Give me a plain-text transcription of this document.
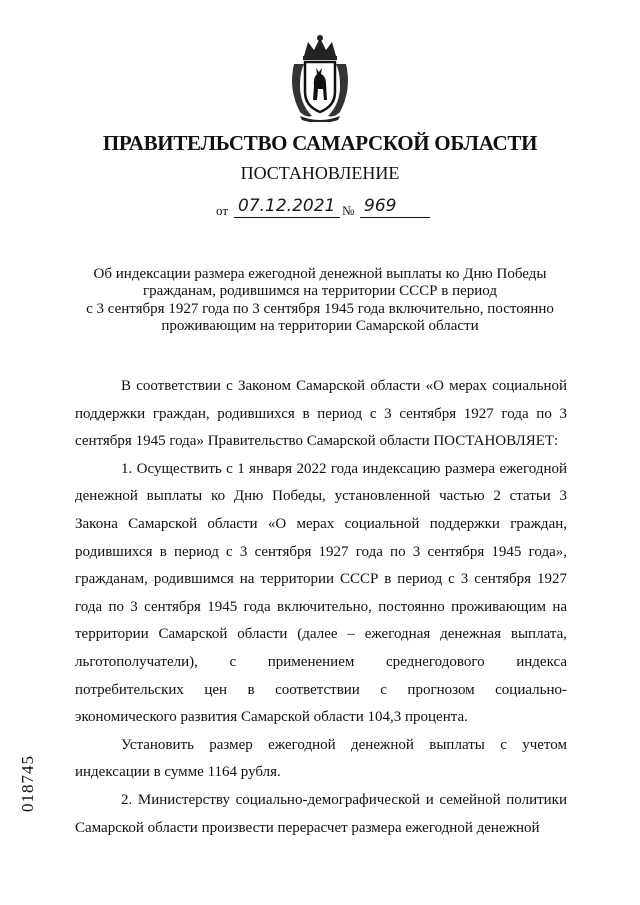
ПРАВИТЕЛЬСТВО САМАРСКОЙ ОБЛАСТИ
ПОСТАНОВЛЕНИЕ
от 07.12.2021 № 969
Об индексации размера ежегодной денежной выплаты ко Дню Победы
гражданам, родившимся на территории СССР в период
с 3 сентября 1927 года по 3 сентября 1945 года включительно, постоянно
проживающим на территории Самарской области

В соответствии с Законом Самарской области «О мерах социальной поддержки граждан, родившихся в период с 3 сентября 1927 года по 3 сентября 1945 года» Правительство Самарской области ПОСТАНОВЛЯЕТ:

1. Осуществить с 1 января 2022 года индексацию размера ежегодной денежной выплаты ко Дню Победы, установленной частью 2 статьи 3 Закона Самарской области «О мерах социальной поддержки граждан, родившихся в период с 3 сентября 1927 года по 3 сентября 1945 года», гражданам, родившимся на территории СССР в период с 3 сентября 1927 года по 3 сентября 1945 года включительно, постоянно проживающим на территории Самарской области (далее – ежегодная денежная выплата, льготополучатели), с применением среднегодового индекса потребительских цен в соответствии с прогнозом социально-экономического развития Самарской области 104,3 процента.

Установить размер ежегодной денежной выплаты с учетом индексации в сумме 1164 рубля.

2. Министерству социально-демографической и семейной политики Самарской области произвести перерасчет размера ежегодной денежной

018745
